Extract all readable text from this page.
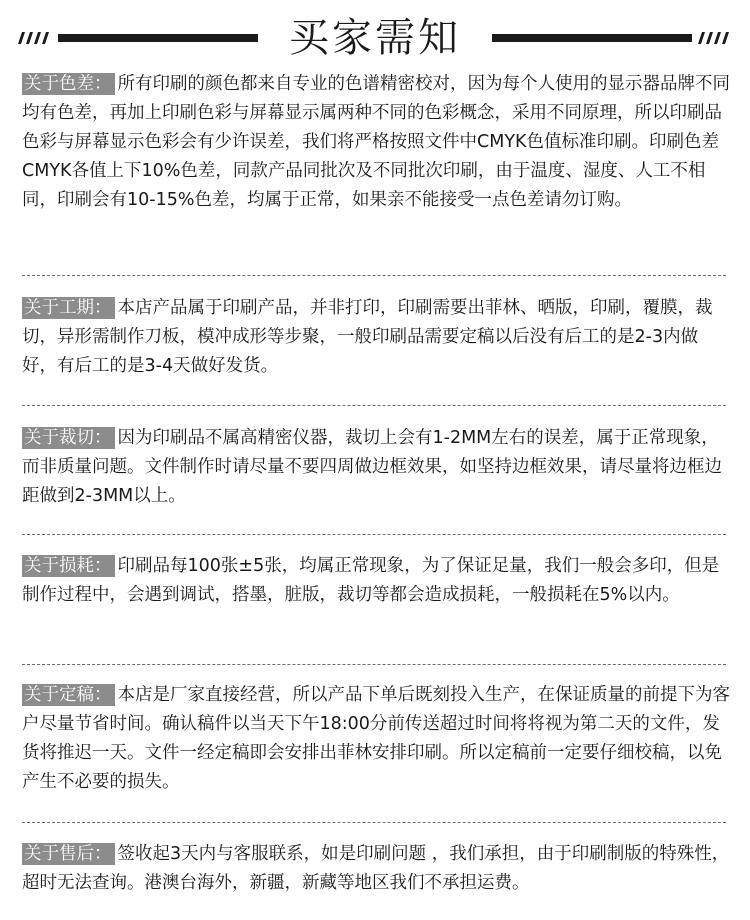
买家需知

关于色差： 所有印刷的颜色都来自专业的色谱精密校对，因为每个人使用的显示器品牌不同均有色差，再加上印刷色彩与屏幕显示属两种不同的色彩概念，采用不同原理，所以印刷品色彩与屏幕显示色彩会有少许误差，我们将严格按照文件中CMYK色值标准印刷。印刷色差CMYK各值上下10%色差，同款产品同批次及不同批次印刷，由于温度、湿度、人工不相同，印刷会有10-15%色差，均属于正常，如果亲不能接受一点色差请勿订购。

关于工期： 本店产品属于印刷产品，并非打印，印刷需要出菲林、晒版，印刷，覆膜，裁切，异形需制作刀板，模冲成形等步聚，一般印刷品需要定稿以后没有后工的是2-3内做好，有后工的是3-4天做好发货。

关于裁切： 因为印刷品不属高精密仪器，裁切上会有1-2MM左右的误差，属于正常现象，而非质量问题。文件制作时请尽量不要四周做边框效果，如坚持边框效果，请尽量将边框边距做到2-3MM以上。

关于损耗： 印刷品每100张±5张，均属正常现象，为了保证足量，我们一般会多印，但是制作过程中，会遇到调试，搭墨，脏版，裁切等都会造成损耗，一般损耗在5%以内。

关于定稿： 本店是厂家直接经营，所以产品下单后既刻投入生产，在保证质量的前提下为客户尽量节省时间。确认稿件以当天下午18:00分前传送超过时间将将视为第二天的文件，发货将推迟一天。文件一经定稿即会安排出菲林安排印刷。所以定稿前一定要仔细校稿，以免产生不必要的损失。

关于售后： 签收起3天内与客服联系，如是印刷问题 ，我们承担，由于印刷制版的特殊性，超时无法查询。港澳台海外，新疆，新藏等地区我们不承担运费。
